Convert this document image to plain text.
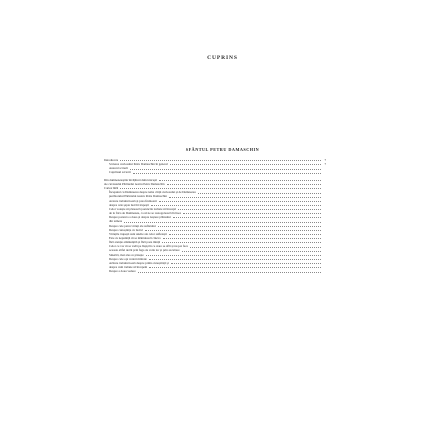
CUPRINS
SFÂNTUL PETRU DAMASCHIN
Introducere	7
Scrierea cuviosului Petru Damaschin în general	7
Autorul scrierii
Cuprinsul scrierii
Din dumnezeieștile învățături duhovnicești
ale cuviosului Părintelui nostru Petru Damaschin
Cartea întâi
Începutul cu Dumnezeu despre tema cărții cuviosului și de Dumnezeu
purtătorului Părintelui nostru Petru Damaschin
Aratare trebuincioasă și prea frumoasă
despre cele șapte lucrări trupești
Celor voiește să păzească poruncile trebuie să înceapă
de la frica de Dumnezeu, ca să ne se rostogolească în haos
Despre porunca a doua și despre naștere plânsului
din temere
Despre cele patru virtuți ale sufletului
Despre cunoștința cu lucrul
Virtuțile trupești sunt unelte ale celor sufletești
Este cu neputință să se mântuiască cineva
fără atenție amănunțită și fără paza minții
Celor ce vor să se vadă pe înșiși în ce stare se află și nu pot face
aceasta altfel decât prin fuga de voile lor și prin ascultare
Smerită, mai ales ce păzește
Despre cele opt vederi mintale
Arătare trebuincioasă despre prima cunoștință și
despre cum trebuie să începem
Despre a doua vedere
